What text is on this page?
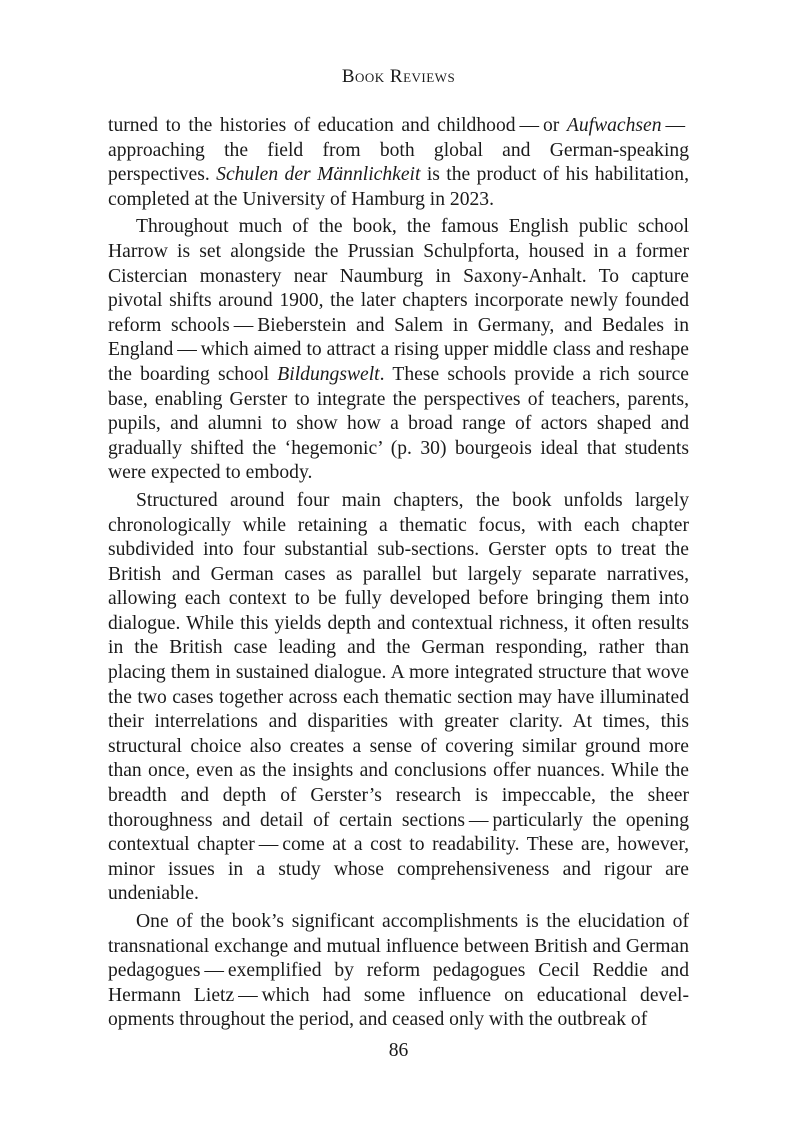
Book Reviews

turned to the histories of education and childhood — or Aufwachsen — approaching the field from both global and German-speaking perspectives. Schulen der Männlichkeit is the product of his habilitation, completed at the University of Hamburg in 2023.

Throughout much of the book, the famous English public school Harrow is set alongside the Prussian Schulpforta, housed in a former Cistercian monastery near Naumburg in Saxony-Anhalt. To capture pivotal shifts around 1900, the later chapters incorporate newly founded reform schools — Bieberstein and Salem in Germany, and Bedales in England — which aimed to attract a rising upper middle class and reshape the boarding school Bildungswelt. These schools provide a rich source base, enabling Gerster to integrate the perspectives of teachers, parents, pupils, and alumni to show how a broad range of actors shaped and gradually shifted the ‘hegemonic’ (p. 30) bourgeois ideal that students were expected to embody.

Structured around four main chapters, the book unfolds largely chronologically while retaining a thematic focus, with each chapter subdivided into four substantial sub-sections. Gerster opts to treat the British and German cases as parallel but largely separate narratives, allowing each context to be fully developed before bringing them into dialogue. While this yields depth and contextual richness, it often results in the British case leading and the German responding, rather than placing them in sustained dialogue. A more integrated structure that wove the two cases together across each thematic section may have illuminated their interrelations and disparities with greater clarity. At times, this structural choice also creates a sense of covering similar ground more than once, even as the insights and conclusions offer nuances. While the breadth and depth of Gerster’s research is impeccable, the sheer thoroughness and detail of certain sections — particularly the opening contextual chapter — come at a cost to readability. These are, however, minor issues in a study whose comprehensiveness and rigour are undeniable.

One of the book’s significant accomplishments is the elucidation of transnational exchange and mutual influence between British and German pedagogues — exemplified by reform pedagogues Cecil Reddie and Hermann Lietz — which had some influence on educational developments throughout the period, and ceased only with the outbreak of

86
